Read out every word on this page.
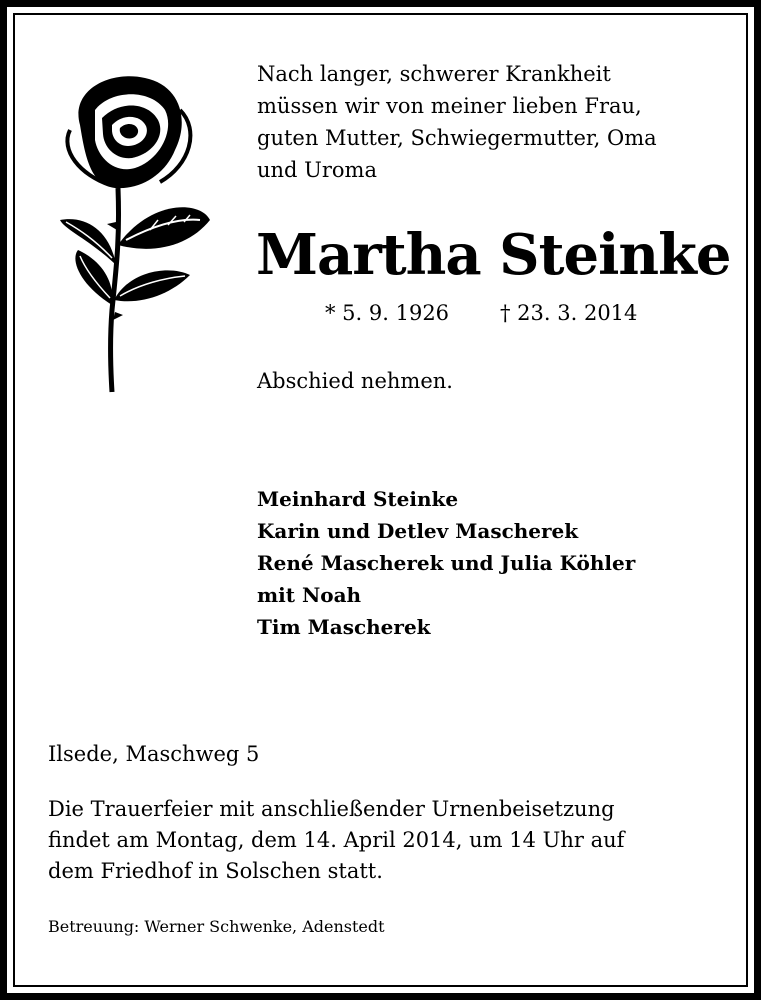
Nach langer, schwerer Krankheit
müssen wir von meiner lieben Frau,
guten Mutter, Schwiegermutter, Oma
und Uroma
Martha Steinke
* 5. 9. 1926 † 23. 3. 2014
Abschied nehmen.
Meinhard Steinke
Karin und Detlev Mascherek
René Mascherek und Julia Köhler
mit Noah
Tim Mascherek
Ilsede, Maschweg 5
Die Trauerfeier mit anschließender Urnenbeisetzung
findet am Montag, dem 14. April 2014, um 14 Uhr auf
dem Friedhof in Solschen statt.
Betreuung: Werner Schwenke, Adenstedt
